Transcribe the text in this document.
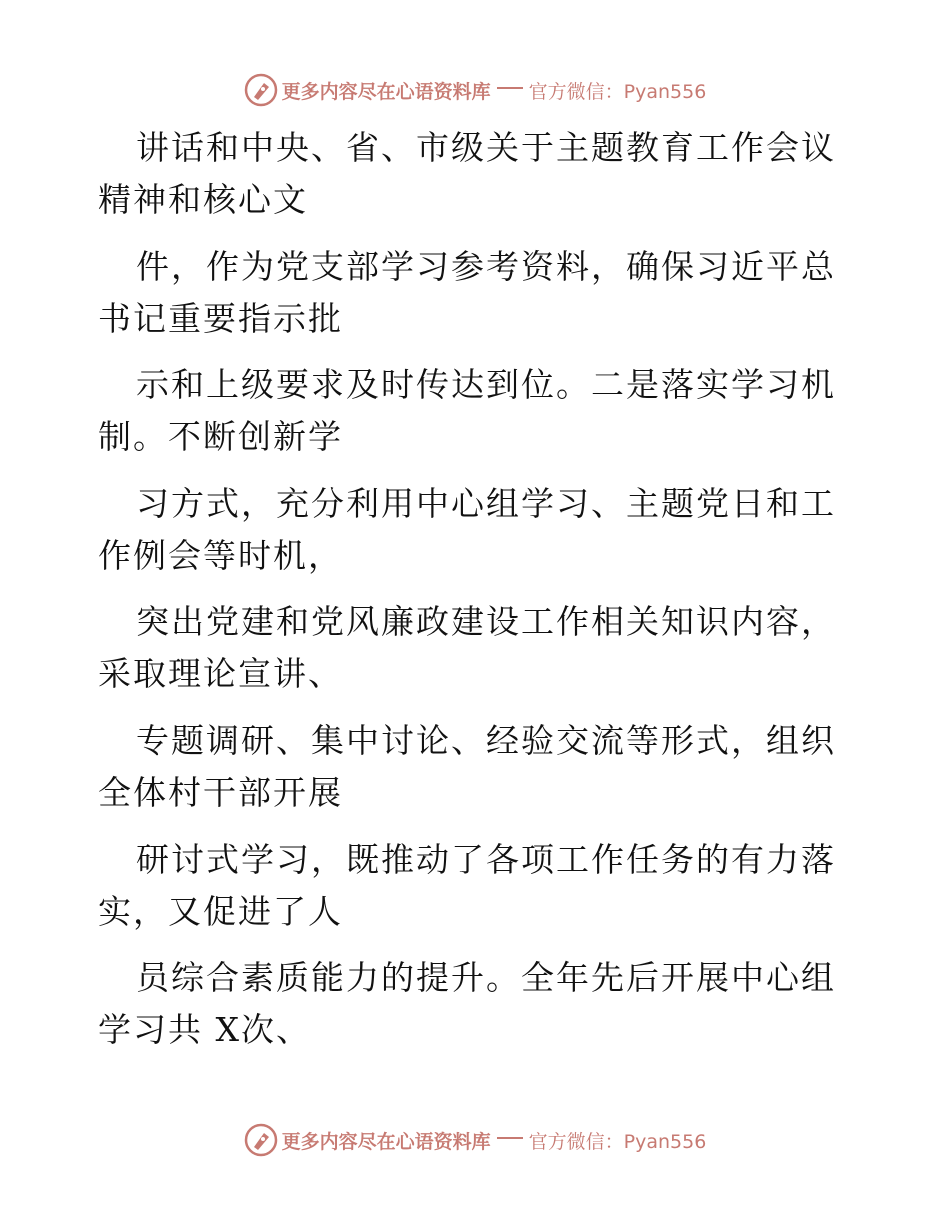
更多内容尽在心语资料库 官方微信：Pyan556

讲话和中央、省、市级关于主题教育工作会议精神和核心文

件，作为党支部学习参考资料，确保习近平总书记重要指示批

示和上级要求及时传达到位。二是落实学习机制。不断创新学

习方式，充分利用中心组学习、主题党日和工作例会等时机，

突出党建和党风廉政建设工作相关知识内容，采取理论宣讲、

专题调研、集中讨论、经验交流等形式，组织全体村干部开展

研讨式学习，既推动了各项工作任务的有力落实，又促进了人

员综合素质能力的提升。全年先后开展中心组学习共 X次、

更多内容尽在心语资料库 官方微信：Pyan556
